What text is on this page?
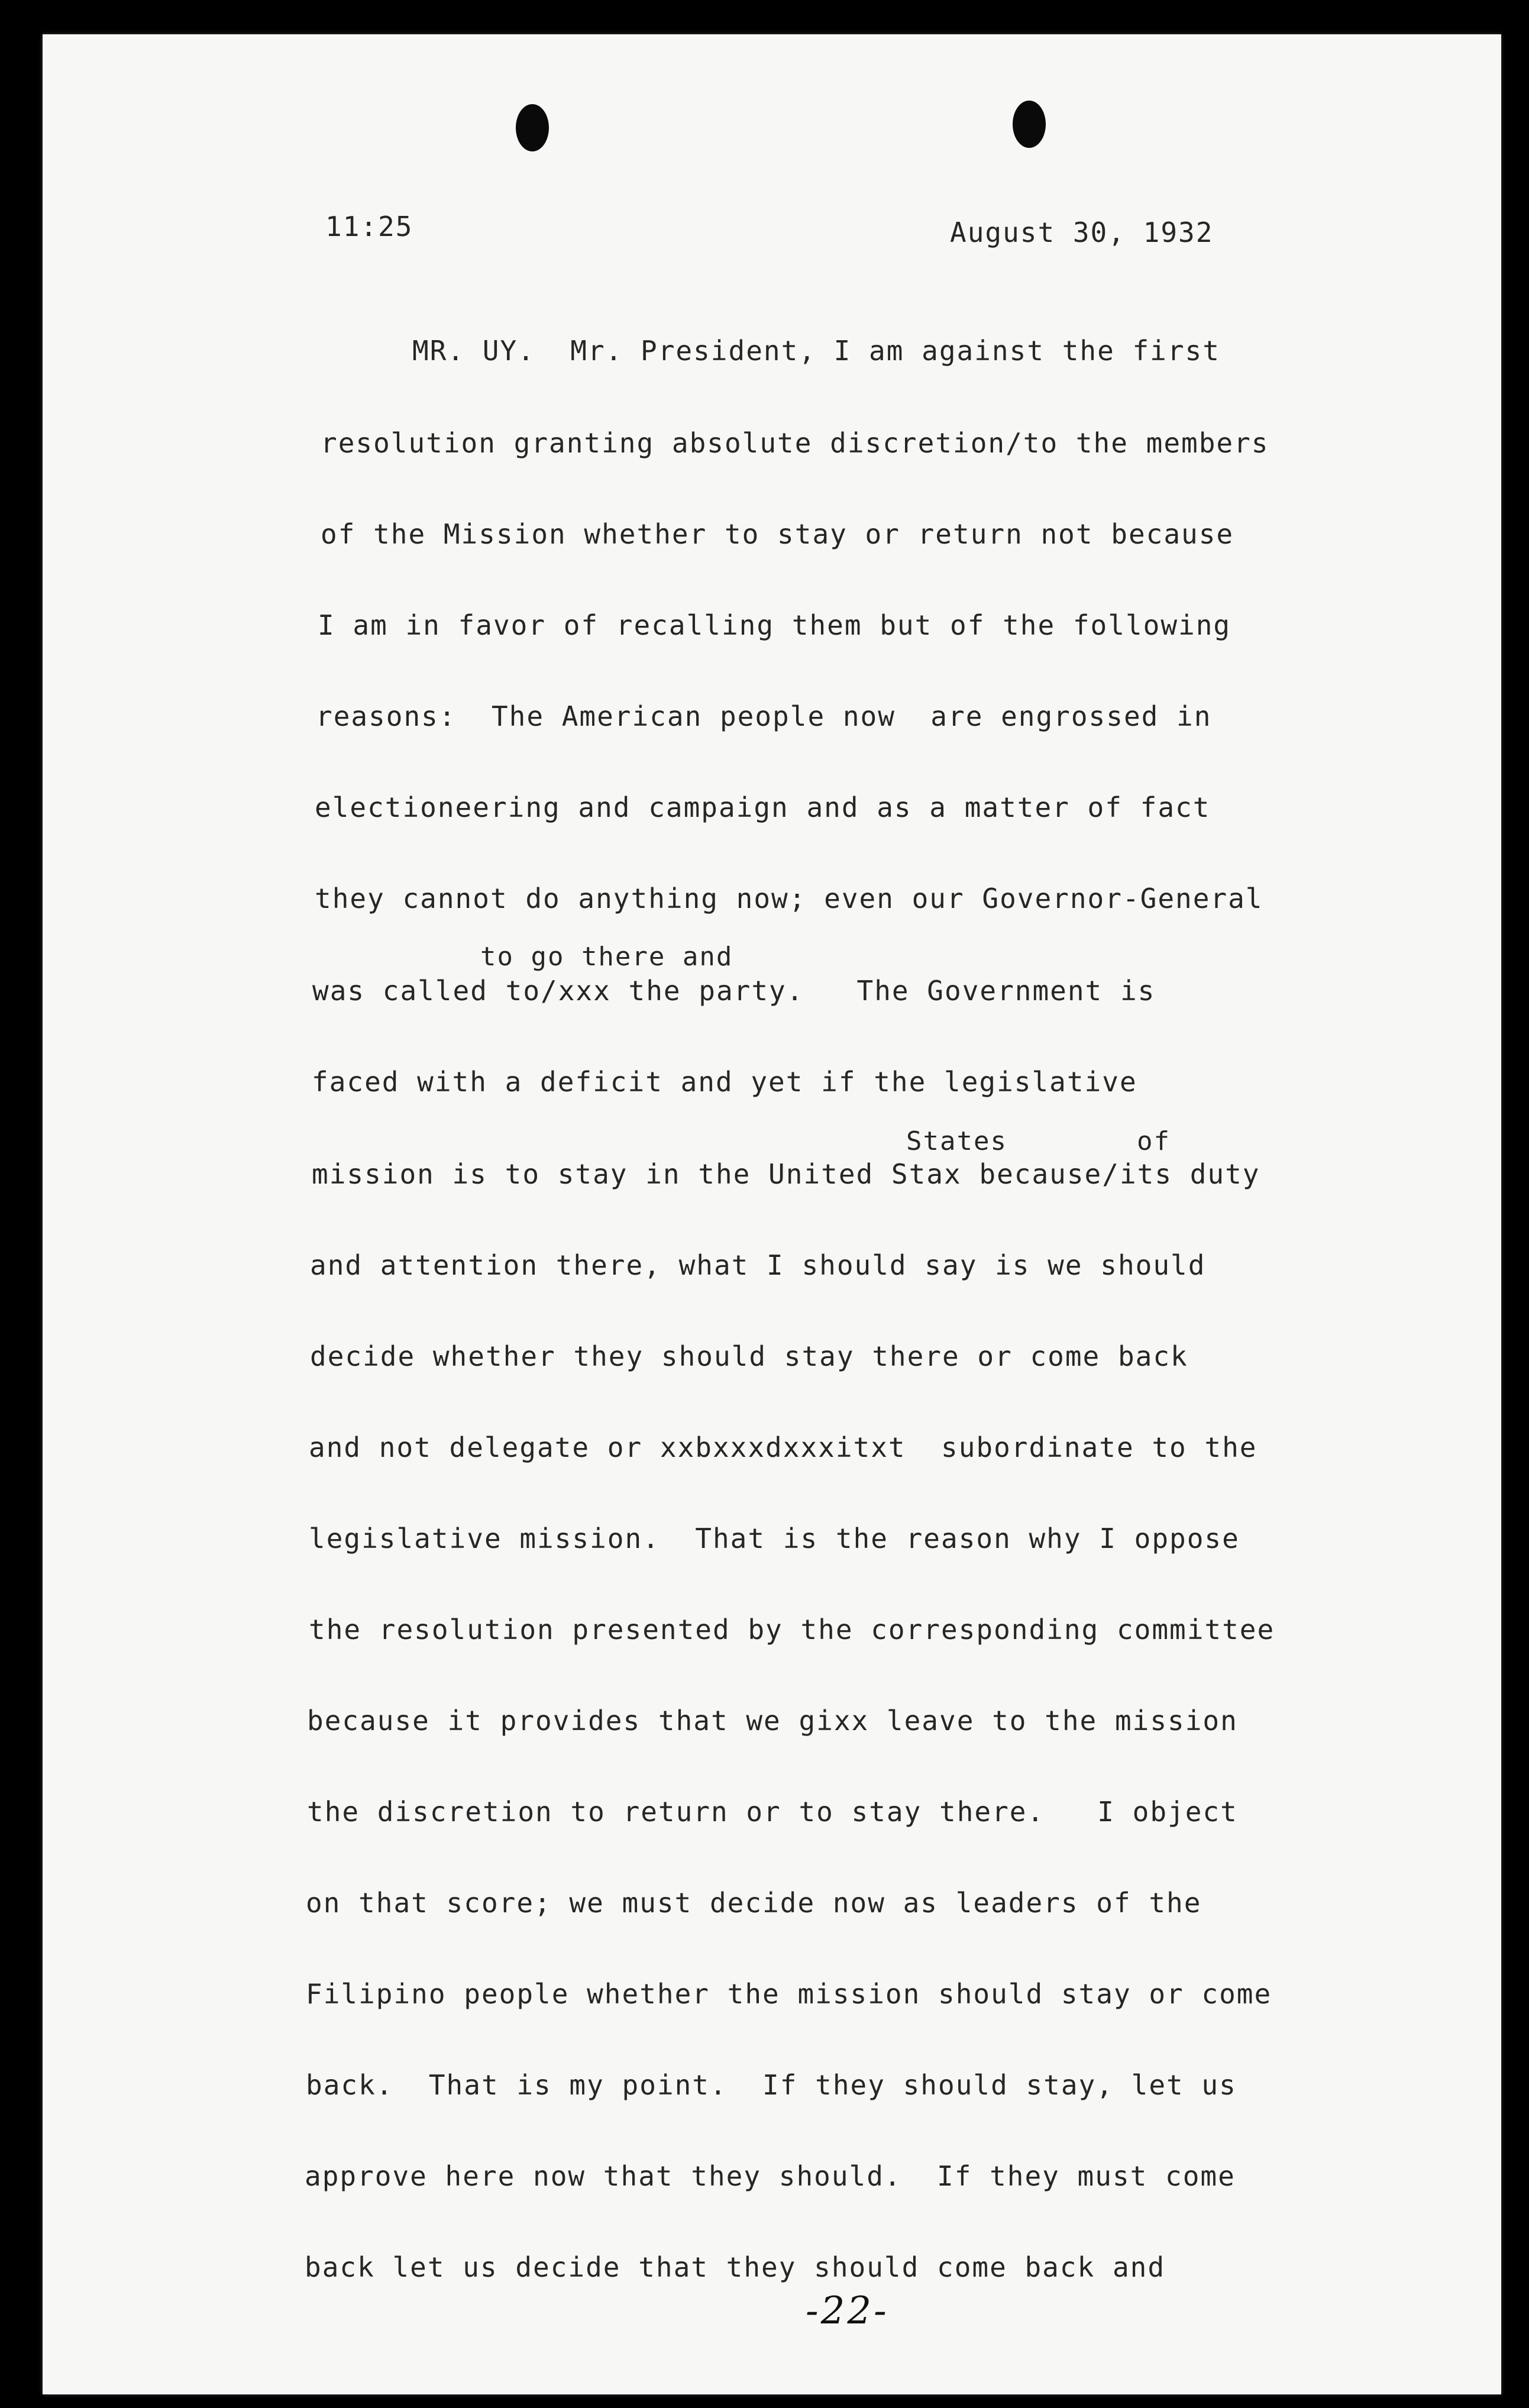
11:25	August 30, 1932
MR. UY.  Mr. President, I am against the first
resolution granting absolute discretion/to the members
of the Mission whether to stay or return not because
I am in favor of recalling them but of the following
reasons:  The American people now  are engrossed in
electioneering and campaign and as a matter of fact
they cannot do anything now; even our Governor-General
to go there and
was called to/xxx the party.   The Government is
faced with a deficit and yet if the legislative
States	of
mission is to stay in the United Stax because/its duty
and attention there, what I should say is we should
decide whether they should stay there or come back
and not delegate or xxbxxxdxxxitxt  subordinate to the
legislative mission.  That is the reason why I oppose
the resolution presented by the corresponding committee
because it provides that we gixx leave to the mission
the discretion to return or to stay there.   I object
on that score; we must decide now as leaders of the
Filipino people whether the mission should stay or come
back.  That is my point.  If they should stay, let us
approve here now that they should.  If they must come
back let us decide that they should come back and
-22-
